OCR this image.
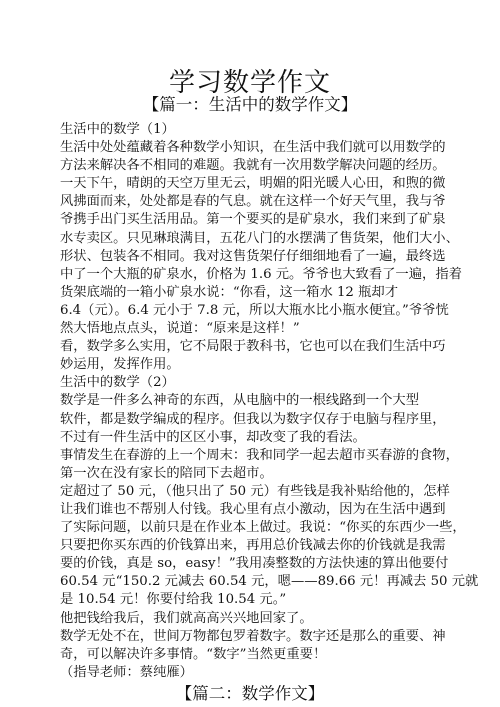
学习数学作文
【篇一：生活中的数学作文】
生活中的数学（1）
生活中处处蕴藏着各种数学小知识，在生活中我们就可以用数学的
方法来解决各不相同的难题。我就有一次用数学解决问题的经历。
一天下午，晴朗的天空万里无云，明媚的阳光暖人心田，和煦的微
风拂面而来，处处都是春的气息。就在这样一个好天气里，我与爷
爷携手出门买生活用品。第一个要买的是矿泉水，我们来到了矿泉
水专卖区。只见琳琅满目，五花八门的水摆满了售货架，他们大小、
形状、包装各不相同。我对这售货架仔仔细细地看了一遍，最终选
中了一个大瓶的矿泉水，价格为 1.6 元。爷爷也大致看了一遍，指着
货架底端的一箱小矿泉水说：“你看，这一箱水 12 瓶却才
6.4（元）。6.4 元小于 7.8 元，所以大瓶水比小瓶水便宜。”爷爷恍
然大悟地点点头，说道：“原来是这样！”
看，数学多么实用，它不局限于教科书，它也可以在我们生活中巧
妙运用，发挥作用。
生活中的数学（2）
数学是一件多么神奇的东西，从电脑中的一根线路到一个大型
软件，都是数学编成的程序。但我以为数字仅存于电脑与程序里，
不过有一件生活中的区区小事，却改变了我的看法。
事情发生在春游的上一个周末：我和同学一起去超市买春游的食物，
第一次在没有家长的陪同下去超市。
定超过了 50 元，（他只出了 50 元）有些钱是我补贴给他的，怎样
让我们谁也不帮别人付钱。我心里有点小激动，因为在生活中遇到
了实际问题，以前只是在作业本上做过。我说：“你买的东西少一些，
只要把你买东西的价钱算出来，再用总价钱减去你的价钱就是我需
要的价钱，真是 so，easy！”我用凑整数的方法快速的算出他要付
60.54 元“150.2 元减去 60.54 元，嗯——89.66 元！再减去 50 元就
是 10.54 元！你要付给我 10.54 元。”
他把钱给我后，我们就高高兴兴地回家了。
数学无处不在，世间万物都包罗着数字。数字还是那么的重要、神
奇，可以解决许多事情。“数字”当然更重要！
（指导老师：蔡纯雁）
【篇二：数学作文】
